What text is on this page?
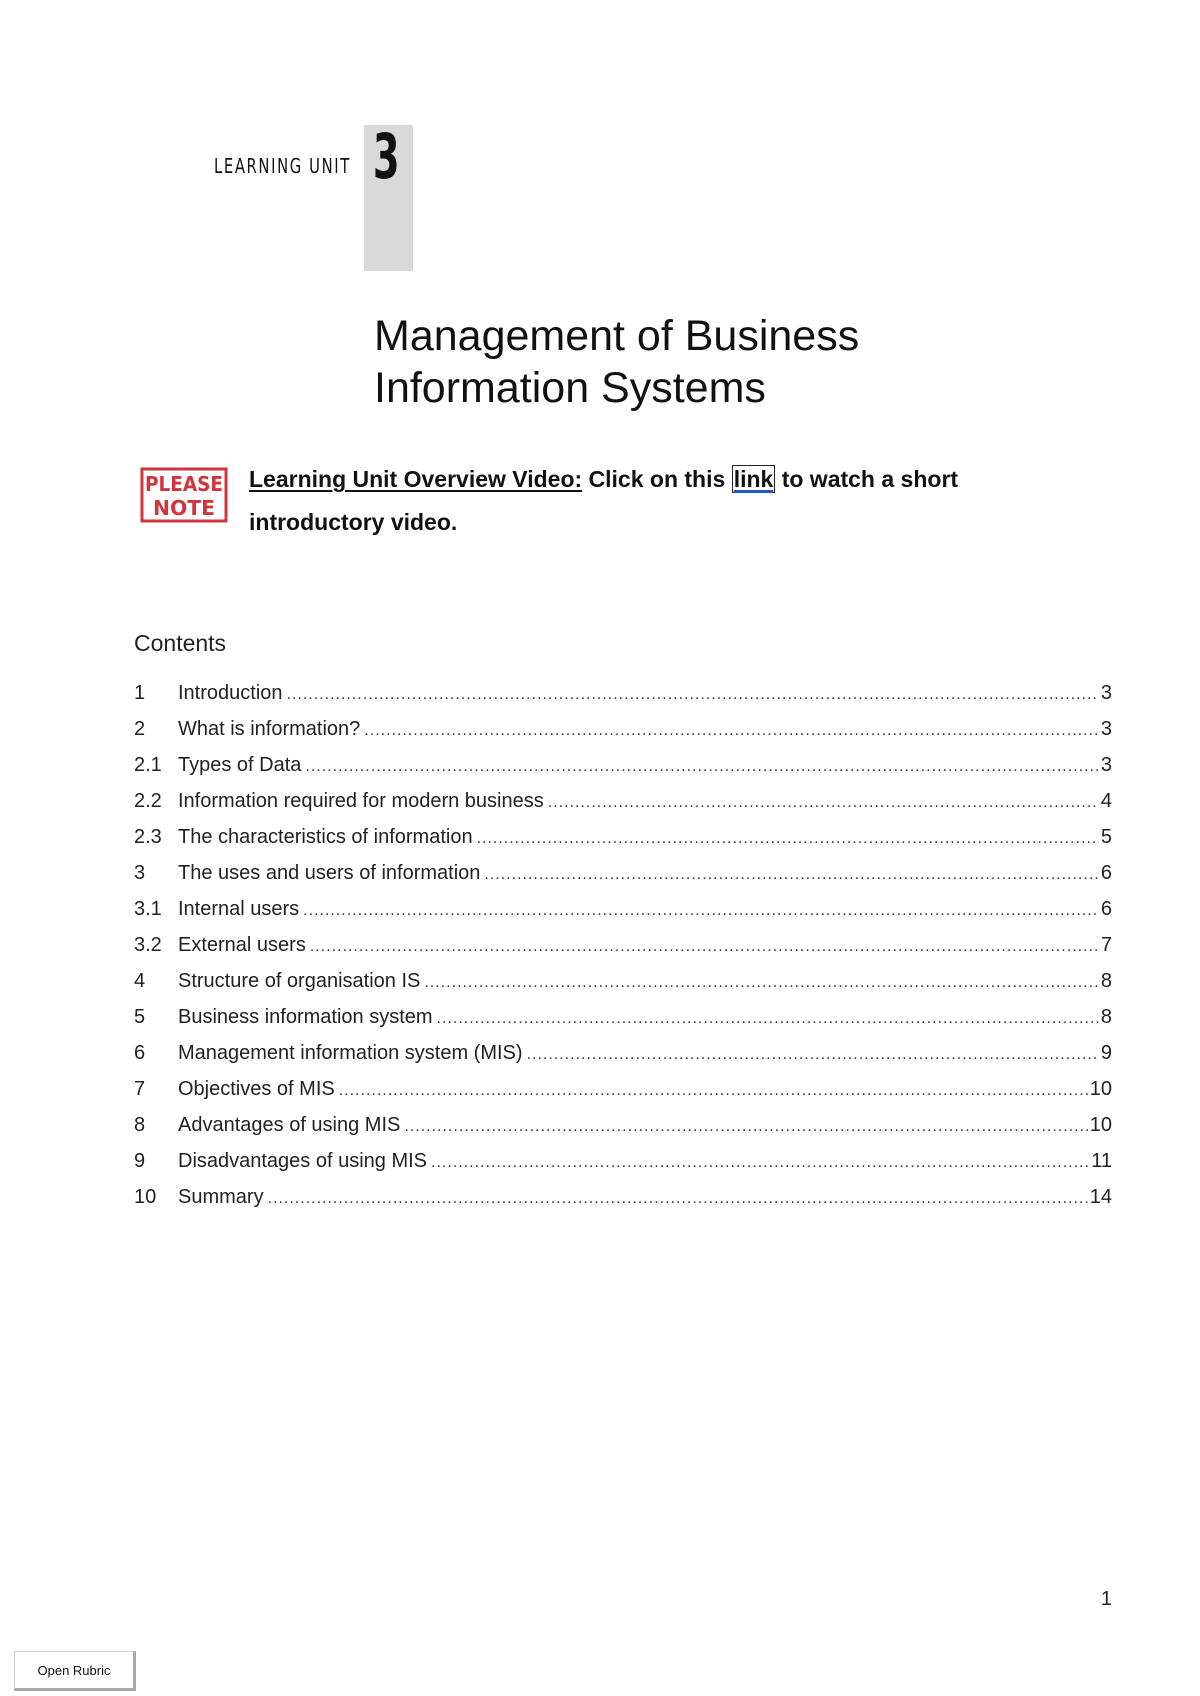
LEARNING UNIT 3
Management of Business
Information Systems
PLEASE
NOTE
Learning Unit Overview Video: Click on this link to watch a short introductory video.
Contents
1	Introduction .....	3
2	What is information? .....	3
2.1 Types of Data .....	3
2.2 Information required for modern business .....	4
2.3 The characteristics of information .....	5
3	The uses and users of information .....	6
3.1 Internal users .....	6
3.2 External users .....	7
4	Structure of organisation IS .....	8
5	Business information system .....	8
6	Management information system (MIS) .....	9
7	Objectives of MIS .....	10
8	Advantages of using MIS .....	10
9	Disadvantages of using MIS .....	11
10	Summary .....	14
1
Open Rubric
